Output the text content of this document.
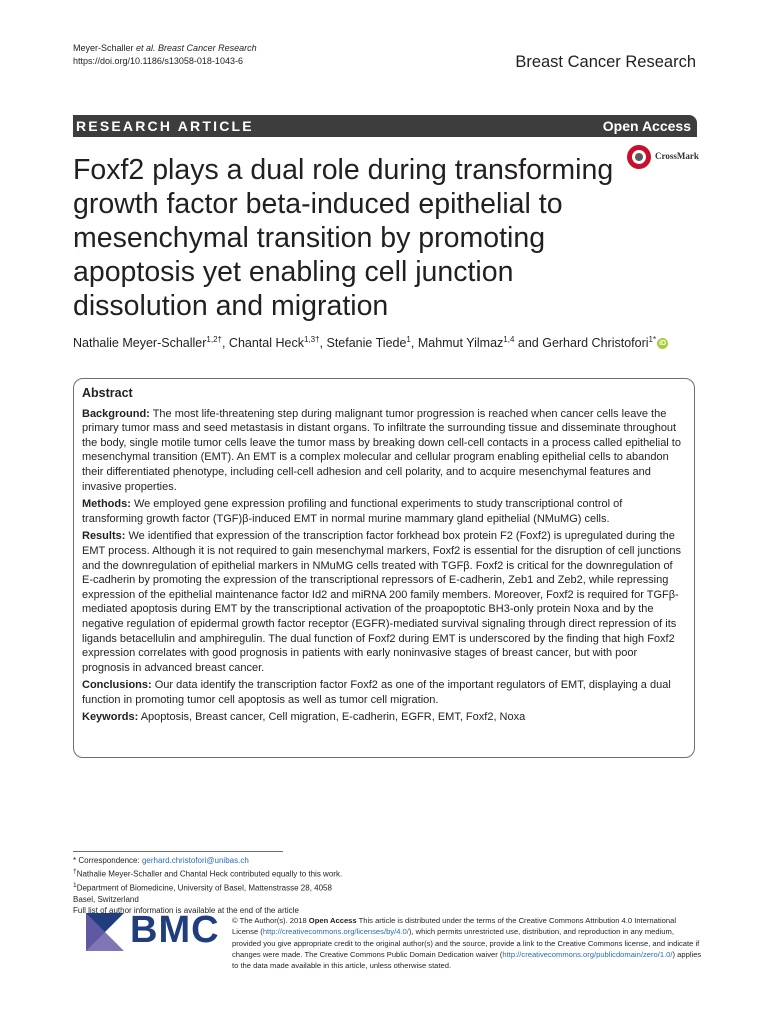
Meyer-Schaller et al. Breast Cancer Research
https://doi.org/10.1186/s13058-018-1043-6	Breast Cancer Research
RESEARCH ARTICLE	Open Access
Foxf2 plays a dual role during transforming growth factor beta-induced epithelial to mesenchymal transition by promoting apoptosis yet enabling cell junction dissolution and migration
CrossMark
Nathalie Meyer-Schaller$^{1,2\dagger}$, Chantal Heck$^{1,3\dagger}$, Stefanie Tiede$^1$, Mahmut Yilmaz$^{1,4}$ and Gerhard Christofori$^{1*}$ iD
Abstract

Background: The most life-threatening step during malignant tumor progression is reached when cancer cells leave the primary tumor mass and seed metastasis in distant organs. To infiltrate the surrounding tissue and disseminate throughout the body, single motile tumor cells leave the tumor mass by breaking down cell-cell contacts in a process called epithelial to mesenchymal transition (EMT). An EMT is a complex molecular and cellular program enabling epithelial cells to abandon their differentiated phenotype, including cell-cell adhesion and cell polarity, and to acquire mesenchymal features and invasive properties.

Methods: We employed gene expression profiling and functional experiments to study transcriptional control of transforming growth factor (TGF)β-induced EMT in normal murine mammary gland epithelial (NMuMG) cells.

Results: We identified that expression of the transcription factor forkhead box protein F2 (Foxf2) is upregulated during the EMT process. Although it is not required to gain mesenchymal markers, Foxf2 is essential for the disruption of cell junctions and the downregulation of epithelial markers in NMuMG cells treated with TGFβ. Foxf2 is critical for the downregulation of E-cadherin by promoting the expression of the transcriptional repressors of E-cadherin, Zeb1 and Zeb2, while repressing expression of the epithelial maintenance factor Id2 and miRNA 200 family members. Moreover, Foxf2 is required for TGFβ-mediated apoptosis during EMT by the transcriptional activation of the proapoptotic BH3-only protein Noxa and by the negative regulation of epidermal growth factor receptor (EGFR)-mediated survival signaling through direct repression of its ligands betacellulin and amphiregulin. The dual function of Foxf2 during EMT is underscored by the finding that high Foxf2 expression correlates with good prognosis in patients with early noninvasive stages of breast cancer, but with poor prognosis in advanced breast cancer.

Conclusions: Our data identify the transcription factor Foxf2 as one of the important regulators of EMT, displaying a dual function in promoting tumor cell apoptosis as well as tumor cell migration.

Keywords: Apoptosis, Breast cancer, Cell migration, E-cadherin, EGFR, EMT, Foxf2, Noxa

* Correspondence: gerhard.christofori@unibas.ch
†Nathalie Meyer-Schaller and Chantal Heck contributed equally to this work.
$^1$Department of Biomedicine, University of Basel, Mattenstrasse 28, 4058
Basel, Switzerland
Full list of author information is available at the end of the article
BMC © The Author(s). 2018 Open Access This article is distributed under the terms of the Creative Commons Attribution 4.0 International License (http://creativecommons.org/licenses/by/4.0/), which permits unrestricted use, distribution, and reproduction in any medium, provided you give appropriate credit to the original author(s) and the source, provide a link to the Creative Commons license, and indicate if changes were made. The Creative Commons Public Domain Dedication waiver (http://creativecommons.org/publicdomain/zero/1.0/) applies to the data made available in this article, unless otherwise stated.
